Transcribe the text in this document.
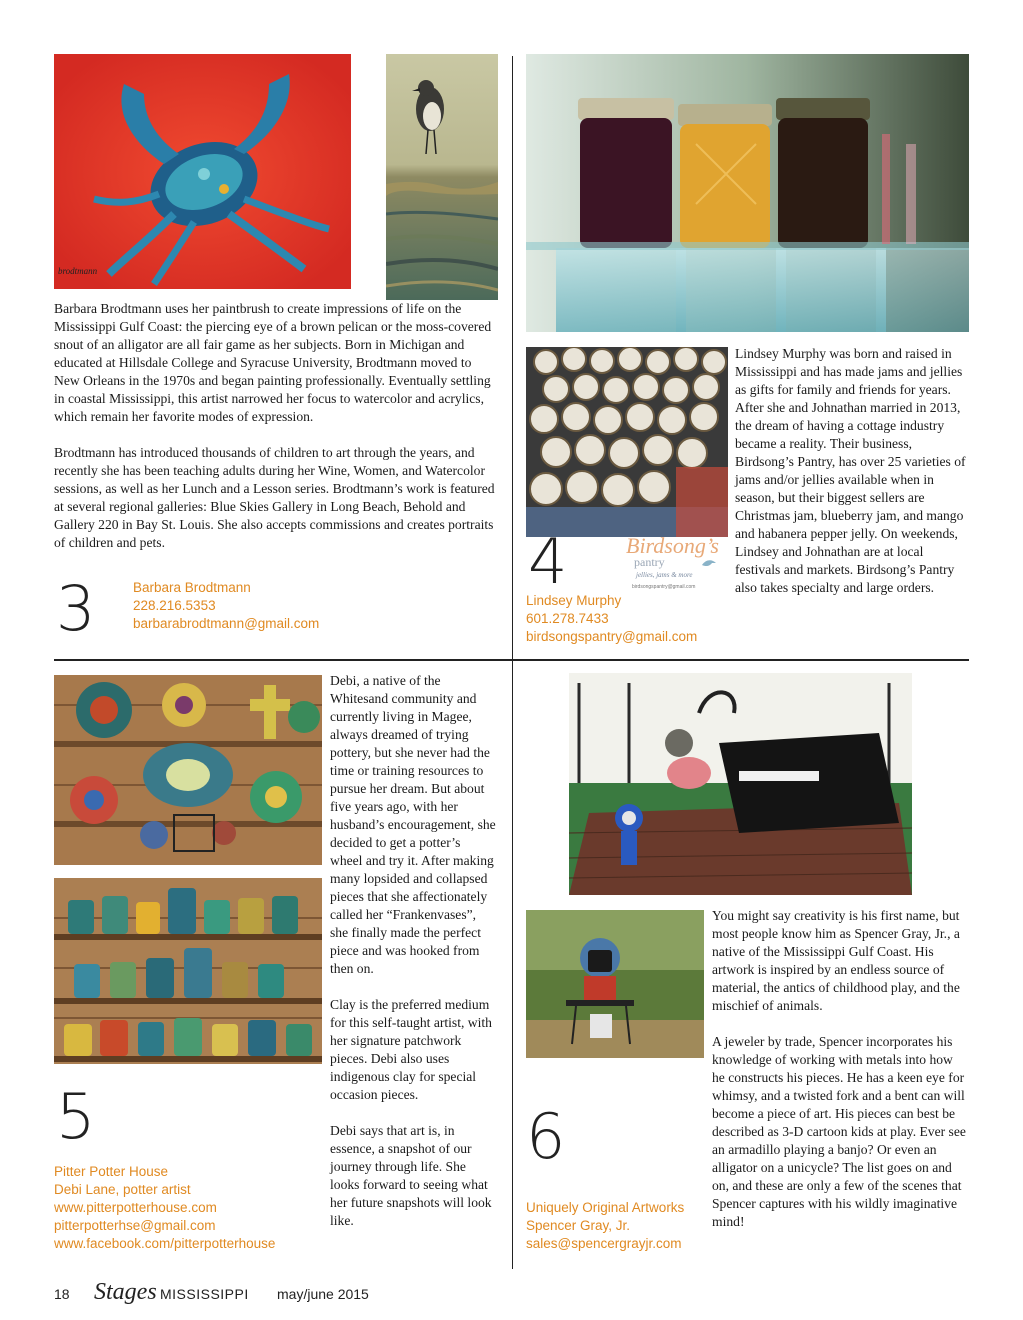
brodtmann

Barbara Brodtmann uses her paintbrush to create impressions of life on the Mississippi Gulf Coast: the piercing eye of a brown pelican or the moss-covered snout of an alligator are all fair game as her subjects. Born in Michigan and educated at Hillsdale College and Syracuse University, Brodtmann moved to New Orleans in the 1970s and began painting professionally. Eventually settling in coastal Mississippi, this artist narrowed her focus to watercolor and acrylics, which remain her favorite modes of expression.

Brodtmann has introduced thousands of children to art through the years, and recently she has been teaching adults during her Wine, Women, and Watercolor sessions, as well as her Lunch and a Lesson series. Brodtmann’s work is featured at several regional galleries: Blue Skies Gallery in Long Beach, Behold and Gallery 220 in Bay St. Louis. She also accepts commissions and creates portraits of children and pets.

3	Barbara Brodtmann
228.216.5353
barbarabrodtmann@gmail.com
Birdsong’s
pantry
jellies, jams & more
birdsongspantry@gmail.com

Lindsey Murphy was born and raised in Mississippi and has made jams and jellies as gifts for family and friends for years. After she and Johnathan married in 2013, the dream of having a cottage industry became a reality. Their business, Birdsong’s Pantry, has over 25 varieties of jams and/or jellies available when in season, but their biggest sellers are Christmas jam, blueberry jam, and mango and habanera pepper jelly. On weekends, Lindsey and Johnathan are at local festivals and markets. Birdsong’s Pantry also takes specialty and large orders.

4
Lindsey Murphy
601.278.7433
birdsongspantry@gmail.com

Debi, a native of the Whitesand community and currently living in Magee, always dreamed of trying pottery, but she never had the time or training resources to pursue her dream. But about five years ago, with her husband’s encouragement, she decided to get a potter’s wheel and try it. After making many lopsided and collapsed pieces that she affectionately called her “Frankenvases”, she finally made the perfect piece and was hooked from then on.

Clay is the preferred medium for this self-taught artist, with her signature patchwork pieces. Debi also uses indigenous clay for special occasion pieces.

Debi says that art is, in essence, a snapshot of our journey through life. She looks forward to seeing what her future snapshots will look like.

5
Pitter Potter House
Debi Lane, potter artist
www.pitterpotterhouse.com
pitterpotterhse@gmail.com
www.facebook.com/pitterpotterhouse

You might say creativity is his first name, but most people know him as Spencer Gray, Jr., a native of the Mississippi Gulf Coast. His artwork is inspired by an endless source of material, the antics of childhood play, and the mischief of animals.

A jeweler by trade, Spencer incorporates his knowledge of working with metals into how he constructs his pieces. He has a keen eye for whimsy, and a twisted fork and a bent can will become a piece of art. His pieces can best be described as 3-D cartoon kids at play. Ever see an armadillo playing a banjo? Or even an alligator on a unicycle? The list goes on and on, and these are only a few of the scenes that Spencer captures with his wildly imaginative mind!

6
Uniquely Original Artworks
Spencer Gray, Jr.
sales@spencergrayjr.com
18 Stages MISSISSIPPI may/june 2015
